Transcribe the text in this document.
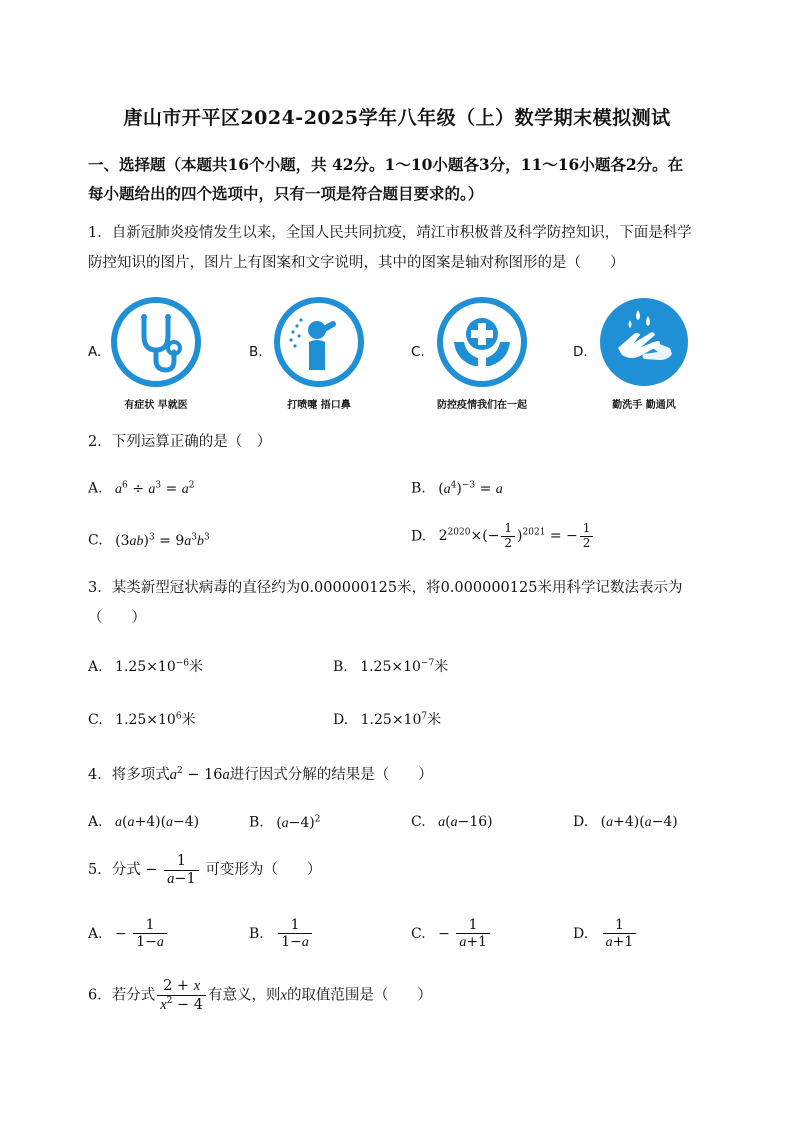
唐山市开平区2024-2025学年八年级（上）数学期末模拟测试
一、选择题（本题共16个小题，共 42分。1～10小题各3分，11～16小题各2分。在
每小题给出的四个选项中，只有一项是符合题目要求的。）
1．自新冠肺炎疫情发生以来，全国人民共同抗疫，靖江市积极普及科学防控知识，下面是科学
防控知识的图片，图片上有图案和文字说明，其中的图案是轴对称图形的是（　　）
A.	B.	C.	D.
有症状 早就医	打喷嚏 捂口鼻	防控疫情我们在一起	勤洗手 勤通风
2．下列运算正确的是（　）
A. $a^6 \div a^3 = a^2$	B. $(a^4)^{-3} = a$
C. $(3ab)^3 = 9a^3b^3$	D. $2^{2020}\times(- \frac{1}{2} )^{2021}$ = − $\frac{1}{2}$
3．某类新型冠状病毒的直径约为0.000000125米，将0.000000125米用科学记数法表示为
（　　）
A. $1.25\times 10^{-6}$米	B. $1.25\times 10^{-7}$米
C. $1.25\times 10^6$米	D. $1.25\times 10^7$米
4．将多项式$a^2 - 16a$进行因式分解的结果是（　　）
A. a(a+4)(a−4)	B. $(a-4)^2$	C. a(a−16)	D. (a+4)(a−4)
5．分式 − $\frac{1}{a-1}$ 可变形为（　　）
A. − $\frac{1}{1-a}$	B. $\frac{1}{1-a}$	C. − $\frac{1}{a+1}$	D. $\frac{1}{a+1}$
6．若分式 $\frac{2 + x}{x^2 - 4}$ 有意义，则x的取值范围是（　　）
